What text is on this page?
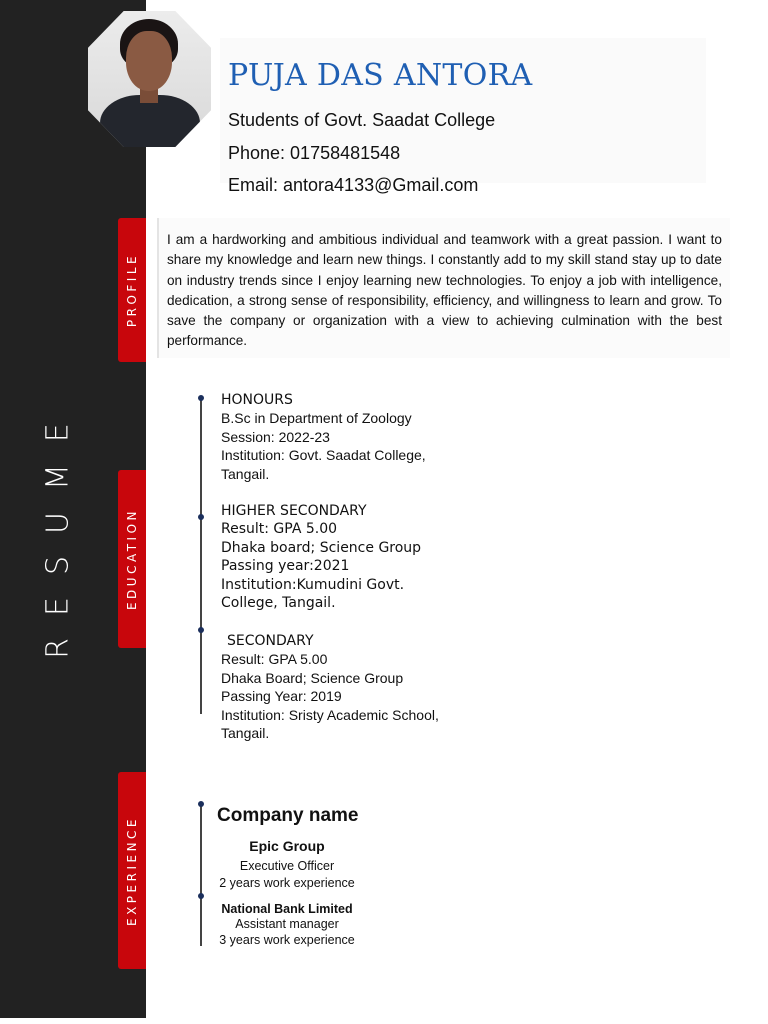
RESUME
PROFILE
EDUCATION
EXPERIENCE
PUJA DAS ANTORA
Students of Govt. Saadat College
Phone: 01758481548
Email: antora4133@Gmail.com
I am a hardworking and ambitious individual and teamwork with a great passion. I want to share my knowledge and learn new things. I constantly add to my skill stand stay up to date on industry trends since I enjoy learning new technologies. To enjoy a job with intelligence, dedication, a strong sense of responsibility, efficiency, and willingness to learn and grow. To save the company or organization with a view to achieving culmination with the best performance.
HONOURS
B.Sc in Department of Zoology
Session: 2022-23
Institution: Govt. Saadat College,
Tangail.
HIGHER SECONDARY
Result: GPA 5.00
Dhaka board; Science Group
Passing year:2021
Institution:Kumudini Govt.
College, Tangail.
SECONDARY
Result: GPA 5.00
Dhaka Board; Science Group
Passing Year: 2019
Institution: Sristy Academic School,
Tangail.
Company name
Epic Group
Executive Officer
2 years work experience
National Bank Limited
Assistant manager
3 years work experience
